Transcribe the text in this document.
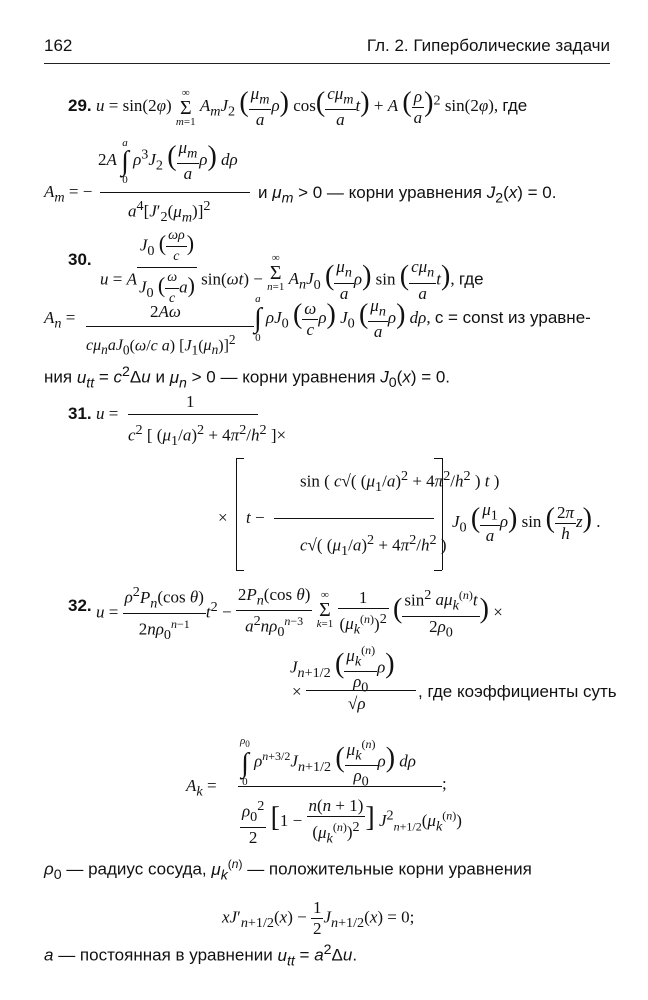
162	Гл. 2. Гиперболические задачи
29. u = sin(2φ)
∞
Σ
m=1
$A_mJ_2$ ( $\frac{\mu_m}{a} \rho$) $\cos( \frac{c\mu_m}{a} t) + A$ ( $\frac{\rho}{a} )^2$ sin(2φ), где
2A
a
∫
0
$\rho^3J_2$ ( $\frac{\mu_m}{a} \rho$) dρ
$A_m$ = −
$a^4[J'_2(\mu_m)]^2$
и $\mu_m > 0$ — корни уравнения $J_2(x) = 0$.
30.
u = A $\frac{J_0 ( \frac{\omega\rho}{c} )}{J_0 ( \frac{\omega}{c} a)} \sin(\omega t)$ −
∞
Σ
n=1 $A_nJ_0$ ( $\frac{\mu_n}{a} \rho$) sin ( $\frac{c\mu_n}{a} t$), где
$A_n$ =	2Aω
$c\mu_naJ_0(\omega/c$ a) $[J_1(\mu_n)]^2$
a
∫
0
$\rho J_0$ ( $\frac{\omega}{c} \rho$) $J_0$ ( $\frac{\mu_n}{a} \rho$) dρ, c = const из уравне-
ния $u_{tt} = c^2\Delta u$ и $\mu_n > 0$ — корни уравнения $J_0(x) = 0$.
31. u =
1
$c^2$ [ $(\mu_1/a)^2 + 4\pi^2/h^2$ ]×
× t −
sin ( c√( $(\mu_1/a)^2 + 4\pi^2/h^2$ ) t )
c√( $(\mu_1/a)^2 + 4\pi^2/h^2$ )
$J_0$ ( $\frac{\mu_1}{a} \rho$) sin ( $\frac{2\pi}{h} z$) .
32. $u = \frac{\rho^2P_n(\cos \theta)}{2n\rho_0^{n-1}} t^2 - \frac{2P_n(\cos \theta)}{a^2n\rho_0^{n-3}}$
∞
Σ
k=1
$\frac{1}{(\mu_k^{(n)})^2}$ ( $\frac{\sin^2 a\mu_k^{(n)}t}{2\rho_0}$ ) ×
$J_{n+1/2}$ ( $\frac{\mu_k^{(n)}}{\rho_0} \rho$)
×
√ρ
, где коэффициенты суть
$A_k$ =
$\rho_0$
∫
0
$\rho^{n+3/2}J_{n+1/2}$ ( $\frac{\mu_k^{(n)}}{\rho_0} \rho$) dρ
;
$\frac{\rho_0^2}{2} [1 - \frac{n(n + 1)}{(\mu_k^{(n)})^2}$ ] $J^2_{n+1/2}(\mu_k^{(n)})$
$\rho_0$ — радиус сосуда, $\mu_k^{(n)}$ — положительные корни уравнения
$xJ'_{n+1/2}(x) - \frac{1}{2} J_{n+1/2}(x) = 0$;
a — постоянная в уравнении $u_{tt} = a^2\Delta u$.
